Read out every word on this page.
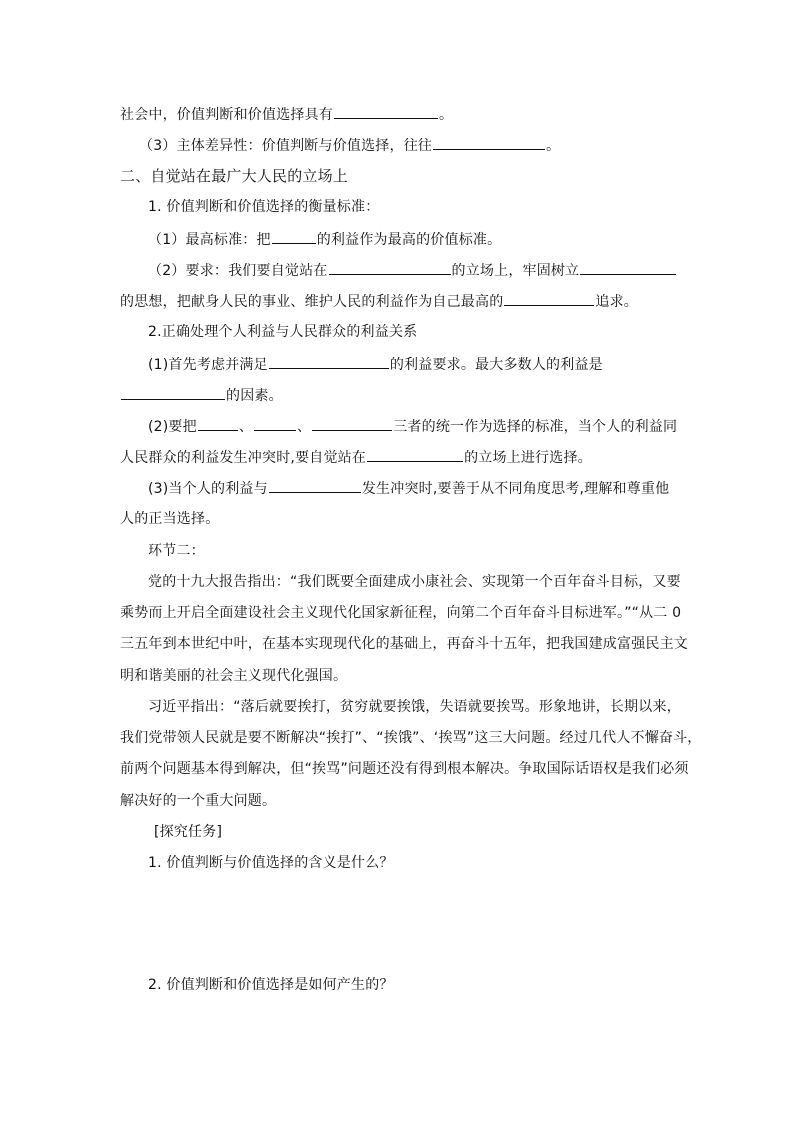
社会中，价值判断和价值选择具有	。
（3）主体差异性：价值判断与价值选择，往往	。
二、自觉站在最广大人民的立场上
1. 价值判断和价值选择的衡量标准：
（1）最高标准：把	的利益作为最高的价值标准。
（2）要求：我们要自觉站在	的立场上，牢固树立
的思想，把献身人民的事业、维护人民的利益作为自己最高的	追求。
2.正确处理个人利益与人民群众的利益关系
(1)首先考虑并满足	的利益要求。最大多数人的利益是
的因素。
(2)要把	、	、	三者的统一作为选择的标准，当个人的利益同
人民群众的利益发生冲突时,要自觉站在	的立场上进行选择。
(3)当个人的利益与	发生冲突时,要善于从不同角度思考,理解和尊重他
人的正当选择。
环节二：
党的十九大报告指出：“我们既要全面建成小康社会、实现第一个百年奋斗目标，又要
乘势而上开启全面建设社会主义现代化国家新征程，向第二个百年奋斗目标进军。”“从二 0
三五年到本世纪中叶，在基本实现现代化的基础上，再奋斗十五年，把我国建成富强民主文
明和谐美丽的社会主义现代化强国。
习近平指出：“落后就要挨打，贫穷就要挨饿，失语就要挨骂。形象地讲，长期以来，
我们党带领人民就是要不断解决“挨打”、“挨饿”、‘挨骂”这三大问题。经过几代人不懈奋斗，
前两个问题基本得到解决，但“挨骂”问题还没有得到根本解决。争取国际话语权是我们必须
解决好的一个重大问题。
[探究任务]
1. 价值判断与价值选择的含义是什么？
2. 价值判断和价值选择是如何产生的？
